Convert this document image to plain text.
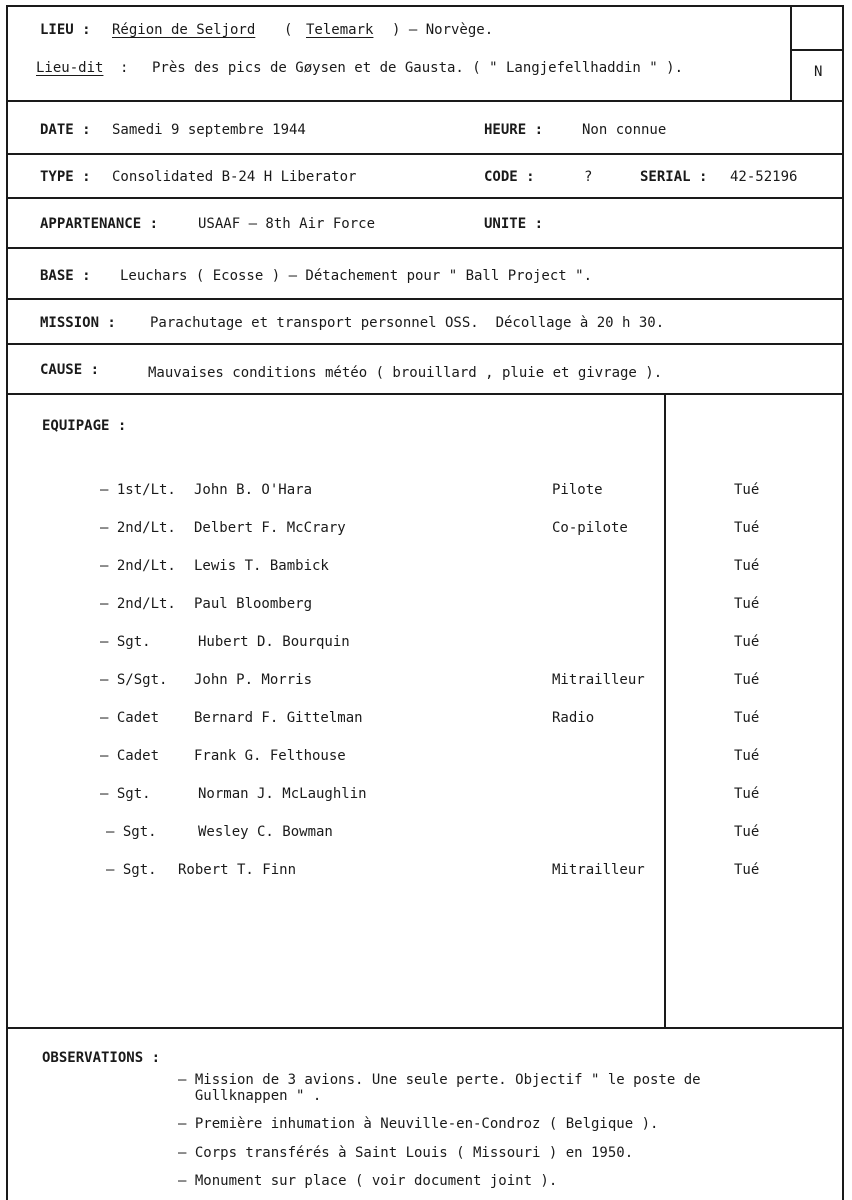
LIEU : Région de Seljord ( Telemark ) – Norvège.
Lieu-dit : Près des pics de Gøysen et de Gausta. ( " Langjefellhaddin " ).	N
DATE : Samedi 9 septembre 1944	HEURE :	Non connue
TYPE : Consolidated B-24 H Liberator	CODE :	?	SERIAL : 42-52196
APPARTENANCE :	USAAF – 8th Air Force	UNITE :
BASE : Leuchars ( Ecosse ) – Détachement pour " Ball Project ".
MISSION : Parachutage et transport personnel OSS.  Décollage à 20 h 30.
CAUSE :	Mauvaises conditions météo ( brouillard , pluie et givrage ).
EQUIPAGE :
– 1st/Lt. John B. O'Hara	Pilote	Tué
– 2nd/Lt. Delbert F. McCrary	Co-pilote	Tué
– 2nd/Lt. Lewis T. Bambick	Tué
– 2nd/Lt. Paul Bloomberg	Tué
– Sgt.	Hubert D. Bourquin	Tué
– S/Sgt. John P. Morris	Mitrailleur	Tué
– Cadet Bernard F. Gittelman	Radio	Tué
– Cadet Frank G. Felthouse	Tué
– Sgt.	Norman J. McLaughlin	Tué
– Sgt.	Wesley C. Bowman	Tué
– Sgt. Robert T. Finn	Mitrailleur	Tué
OBSERVATIONS :
– Mission de 3 avions. Une seule perte. Objectif " le poste de
Gullknappen " .
– Première inhumation à Neuville-en-Condroz ( Belgique ).
– Corps transférés à Saint Louis ( Missouri ) en 1950.
– Monument sur place ( voir document joint ).
